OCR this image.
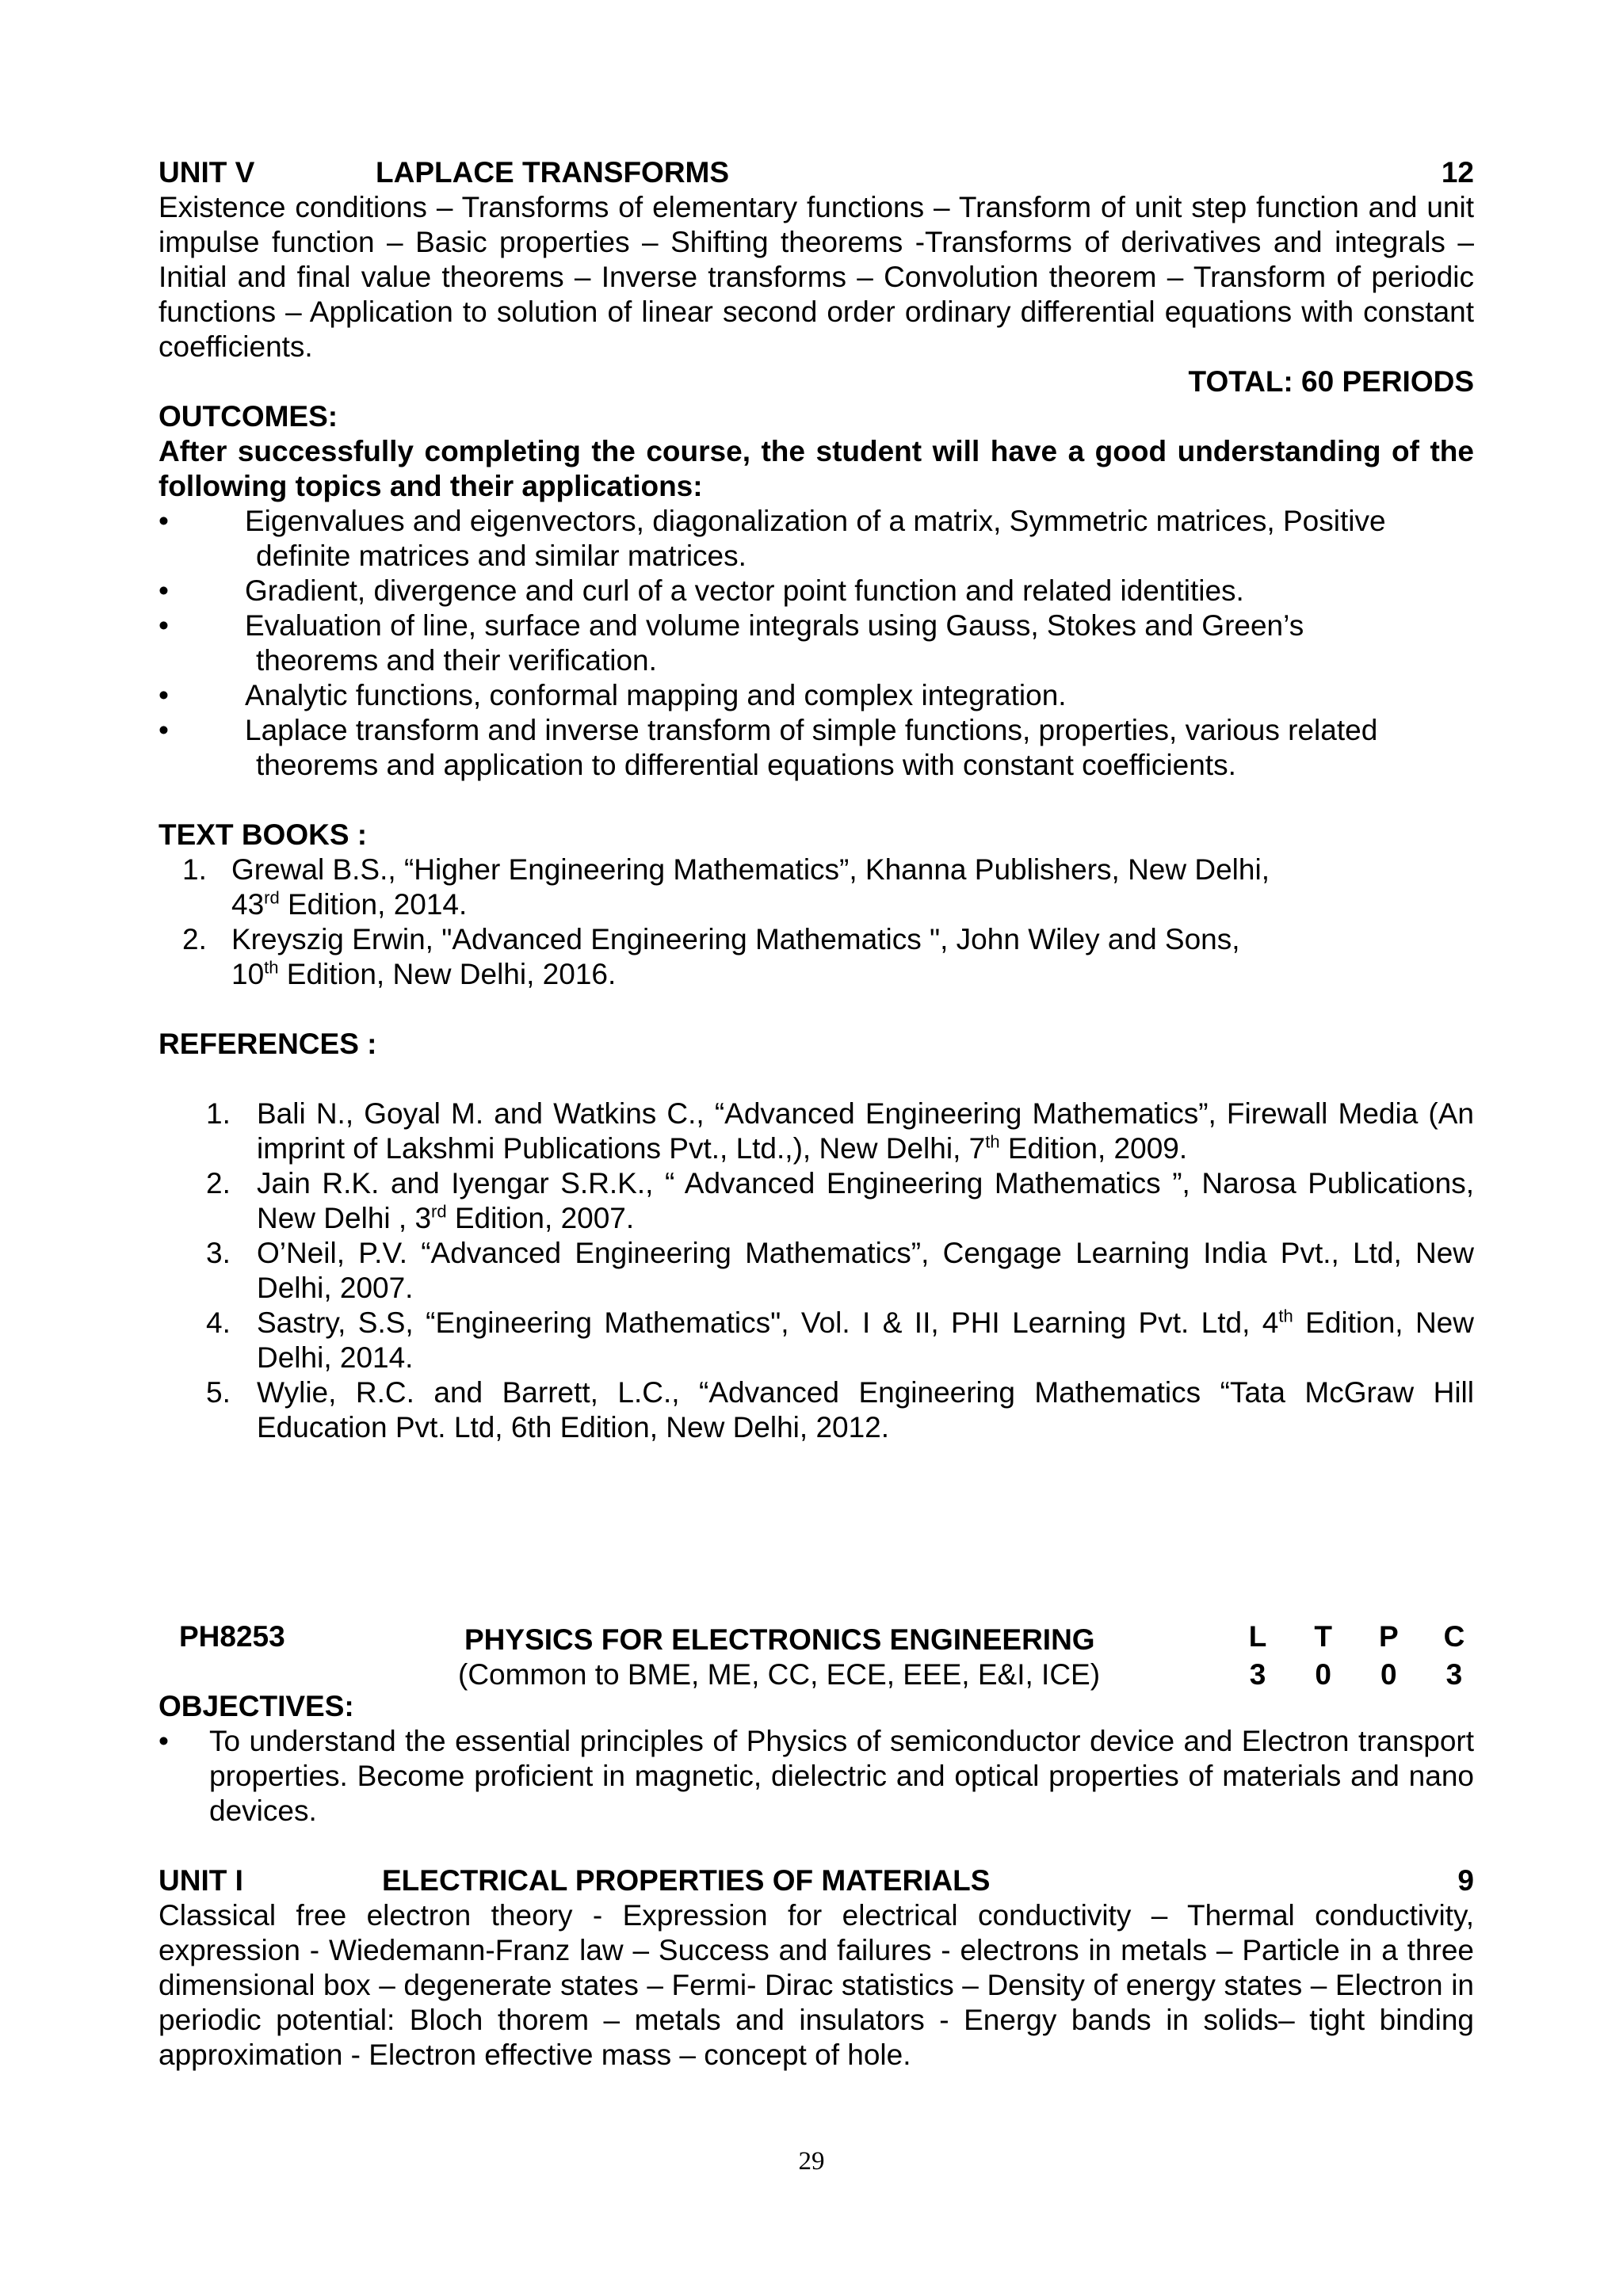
UNIT V	LAPLACE TRANSFORMS	12
Existence conditions – Transforms of elementary functions – Transform of unit step function and unit impulse function – Basic properties – Shifting theorems -Transforms of derivatives and integrals – Initial and final value theorems – Inverse transforms – Convolution theorem – Transform of periodic functions – Application to solution of linear second order ordinary differential equations with constant coefficients.
TOTAL: 60 PERIODS
OUTCOMES:
After successfully completing the course, the student will have a good understanding of the following topics and their applications:
•	Eigenvalues and eigenvectors, diagonalization of a matrix, Symmetric matrices, Positive
definite matrices and similar matrices.
•	Gradient, divergence and curl of a vector point function and related identities.
•	Evaluation of line, surface and volume integrals using Gauss, Stokes and Green’s
theorems and their verification.
•	Analytic functions, conformal mapping and complex integration.
•	Laplace transform and inverse transform of simple functions, properties, various related
theorems and application to differential equations with constant coefficients.
TEXT BOOKS :
1. Grewal B.S., “Higher Engineering Mathematics”, Khanna Publishers, New Delhi,
43rd Edition, 2014.
2. Kreyszig Erwin, "Advanced Engineering Mathematics ", John Wiley and Sons,
10th Edition, New Delhi, 2016.
REFERENCES :
1. Bali N., Goyal M. and Watkins C., “Advanced Engineering Mathematics”, Firewall Media (An imprint of Lakshmi Publications Pvt., Ltd.,), New Delhi, 7th Edition, 2009.
2. Jain R.K. and Iyengar S.R.K., “ Advanced Engineering Mathematics ”, Narosa Publications, New Delhi , 3rd Edition, 2007.
3. O’Neil, P.V. “Advanced Engineering Mathematics”, Cengage Learning India Pvt., Ltd, New Delhi, 2007.
4. Sastry, S.S, “Engineering Mathematics", Vol. I & II, PHI Learning Pvt. Ltd, 4th Edition, New Delhi, 2014.
5. Wylie, R.C. and Barrett, L.C., “Advanced Engineering Mathematics “Tata McGraw Hill Education Pvt. Ltd, 6th Edition, New Delhi, 2012.
PH8253	PHYSICS FOR ELECTRONICS ENGINEERING
(Common to BME, ME, CC, ECE, EEE, E&I, ICE)
L	T	P	C
3	0	0	3
OBJECTIVES:
• To understand the essential principles of Physics of semiconductor device and Electron transport properties. Become proficient in magnetic, dielectric and optical properties of materials and nano devices.
UNIT I	ELECTRICAL PROPERTIES OF MATERIALS	9
Classical free electron theory - Expression for electrical conductivity – Thermal conductivity, expression - Wiedemann-Franz law – Success and failures - electrons in metals – Particle in a three dimensional box – degenerate states – Fermi- Dirac statistics – Density of energy states – Electron in periodic potential: Bloch thorem – metals and insulators - Energy bands in solids– tight binding approximation - Electron effective mass – concept of hole.
29
